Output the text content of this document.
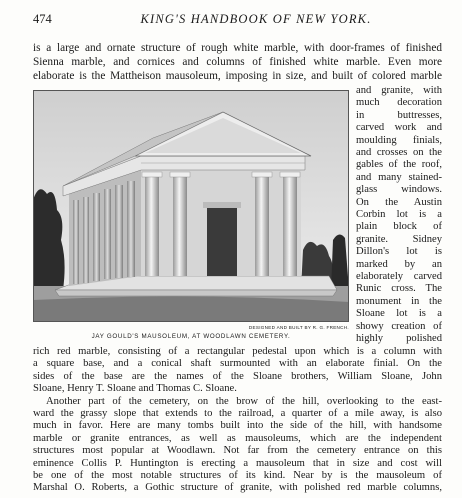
474	KING'S HANDBOOK OF NEW YORK.
is a large and ornate structure of rough white marble, with door-frames of finished
Sienna marble, and cornices and columns of finished white marble. Even more
elaborate is the Mattheison mausoleum, imposing in size, and built of colored marble
DESIGNED AND BUILT BY R. G. FRENCH.
JAY GOULD'S MAUSOLEUM, AT WOODLAWN CEMETERY.
and granite, with
much decoration
in buttresses,
carved work and
moulding finials,
and crosses on the
gables of the roof,
and many stained-
glass windows.
On the Austin
Corbin lot is a
plain block of
granite. Sidney
Dillon's lot is
marked by an
elaborately carved
Runic cross. The
monument in the
Sloane lot is a
showy creation of
highly polished
rich red marble, consisting of a rectangular pedestal upon which is a column with
a square base, and a conical shaft surmounted with an elaborate finial. On the
sides of the base are the names of the Sloane brothers, William Sloane, John
Sloane, Henry T. Sloane and Thomas C. Sloane.
Another part of the cemetery, on the brow of the hill, overlooking to the east-
ward the grassy slope that extends to the railroad, a quarter of a mile away, is also
much in favor. Here are many tombs built into the side of the hill, with handsome
marble or granite entrances, as well as mausoleums, which are the independent
structures most popular at Woodlawn. Not far from the cemetery entrance on this
eminence Collis P. Huntington is erecting a mausoleum that in size and cost will
be one of the most notable structures of its kind. Near by is the mausoleum of
Marshal O. Roberts, a Gothic structure of granite, with polished red marble columns,
